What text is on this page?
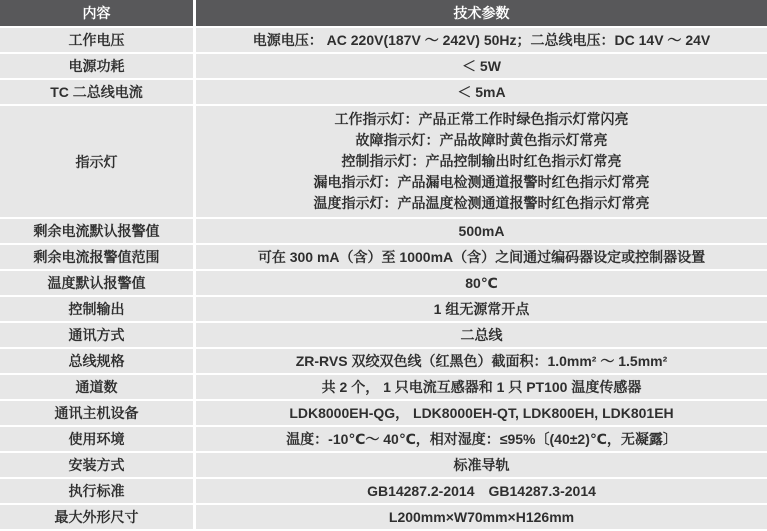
内容	技术参数
工作电压	电源电压： AC 220V(187V ～ 242V) 50Hz；二总线电压：DC 14V ～ 24V
电源功耗	＜ 5W
TC 二总线电流	＜ 5mA
指示灯	工作指示灯：产品正常工作时绿色指示灯常闪亮
故障指示灯：产品故障时黄色指示灯常亮
控制指示灯：产品控制输出时红色指示灯常亮
漏电指示灯：产品漏电检测通道报警时红色指示灯常亮
温度指示灯：产品温度检测通道报警时红色指示灯常亮

剩余电流默认报警值	500mA
剩余电流报警值范围	可在 300 mA（含）至 1000mA（含）之间通过编码器设定或控制器设置
温度默认报警值	80℃
控制输出	1 组无源常开点
通讯方式	二总线
总线规格	ZR-RVS 双绞双色线（红黑色）截面积：1.0mm² ～ 1.5mm²
通道数	共 2 个， 1 只电流互感器和 1 只 PT100 温度传感器
通讯主机设备	LDK8000EH-QG， LDK8000EH-QT, LDK800EH, LDK801EH
使用环境	温度：-10℃～ 40℃，相对湿度：≤95%〔(40±2)℃，无凝露〕
安装方式	标准导轨
执行标准	GB14287.2-2014　GB14287.3-2014
最大外形尺寸	L200mm×W70mm×H126mm
